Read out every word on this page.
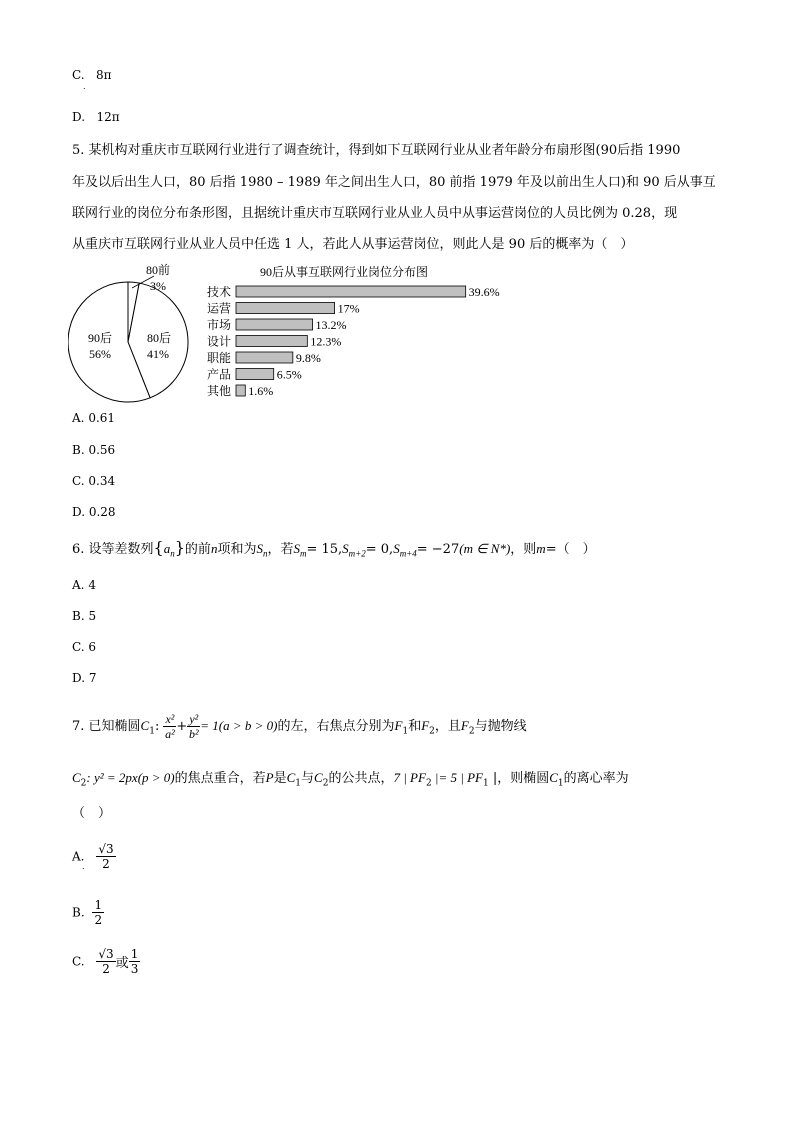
C. 8π
.
D. 12π
5. 某机构对重庆市互联网行业进行了调查统计，得到如下互联网行业从业者年龄分布扇形图(90后指 1990
年及以后出生人口，80 后指 1980 – 1989 年之间出生人口，80 前指 1979 年及以前出生人口)和 90 后从事互
联网行业的岗位分布条形图，且据统计重庆市互联网行业从业人员中从事运营岗位的人员比例为 0.28，现
从重庆市互联网行业从业人员中任选 1 人，若此人从事运营岗位，则此人是 90 后的概率为（　）
80前
3%
90后
56%
80后
41%
90后从事互联网行业岗位分布图
技术	39.6%
运营	17%
市场	13.2%
设计	12.3%
职能	9.8%
产品	6.5%
其他 1.6%
A. 0.61
B. 0.56
C. 0.34
D. 0.28
6. 设等差数列$\{a_n\}$的前n项和为$S_n$，若$S_m= 15,S_{m+2}= 0,S_{m+4}= -27(m$ ∈ N*)，则m=（　）
A. 4
B. 5
C. 6
D. 7
7. 已知椭圆$C_1$: $\frac{\text{x²}}{\text{a²}} + \frac{\text{y²}}{\text{b²}} = 1(a > b > 0)$的左，右焦点分别为$F_1$和$F_2$，且$F_2$与抛物线
$C_2$: y² = 2px(p > 0)的焦点重合，若P是$C_1$与$C_2$的公共点，7 | $PF_2$ |= 5 | $PF_1$ |，则椭圆$C_1$的离心率为
（　）
A. $\frac{√3}{2}$
.
B. $\frac{1}{2}$
C. $\frac{√3}{2}$ 或 $\frac{1}{3}$
